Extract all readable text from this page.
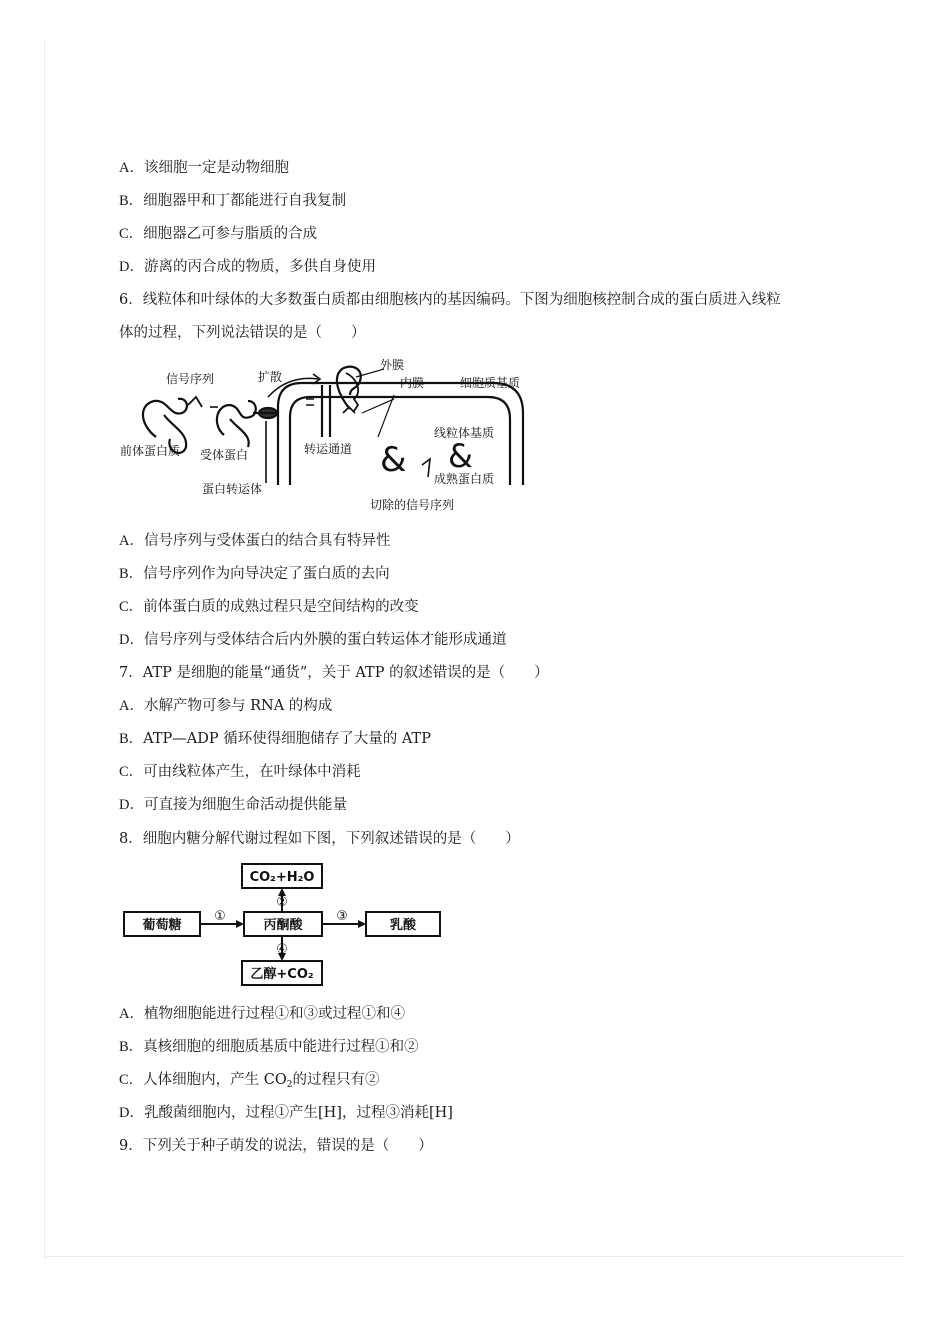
A．该细胞一定是动物细胞
B．细胞器甲和丁都能进行自我复制
C．细胞器乙可参与脂质的合成
D．游离的丙合成的物质，多供自身使用
6．线粒体和叶绿体的大多数蛋白质都由细胞核内的基因编码。下图为细胞核控制合成的蛋白质进入线粒
体的过程，下列说法错误的是（　　）
& &
信号序列	扩散
外膜
内膜	细胞质基质
前体蛋白质 受体蛋白	转运通道
线粒体基质
蛋白转运体
成熟蛋白质
切除的信号序列
A．信号序列与受体蛋白的结合具有特异性
B．信号序列作为向导决定了蛋白质的去向
C．前体蛋白质的成熟过程只是空间结构的改变
D．信号序列与受体结合后内外膜的蛋白转运体才能形成通道
7．ATP 是细胞的能量“通货”，关于 ATP 的叙述错误的是（　　）
A．水解产物可参与 RNA 的构成
B．ATP—ADP 循环使得细胞储存了大量的 ATP
C．可由线粒体产生，在叶绿体中消耗
D．可直接为细胞生命活动提供能量
8．细胞内糖分解代谢过程如下图，下列叙述错误的是（　　）
CO₂+H₂O
葡萄糖	丙酮酸	乳酸
乙醇+CO₂
①	③
②
④
A．植物细胞能进行过程①和③或过程①和④
B．真核细胞的细胞质基质中能进行过程①和②
C．人体细胞内，产生 $CO_2$的过程只有②
D．乳酸菌细胞内，过程①产生[H]，过程③消耗[H]
9．下列关于种子萌发的说法，错误的是（　　）
